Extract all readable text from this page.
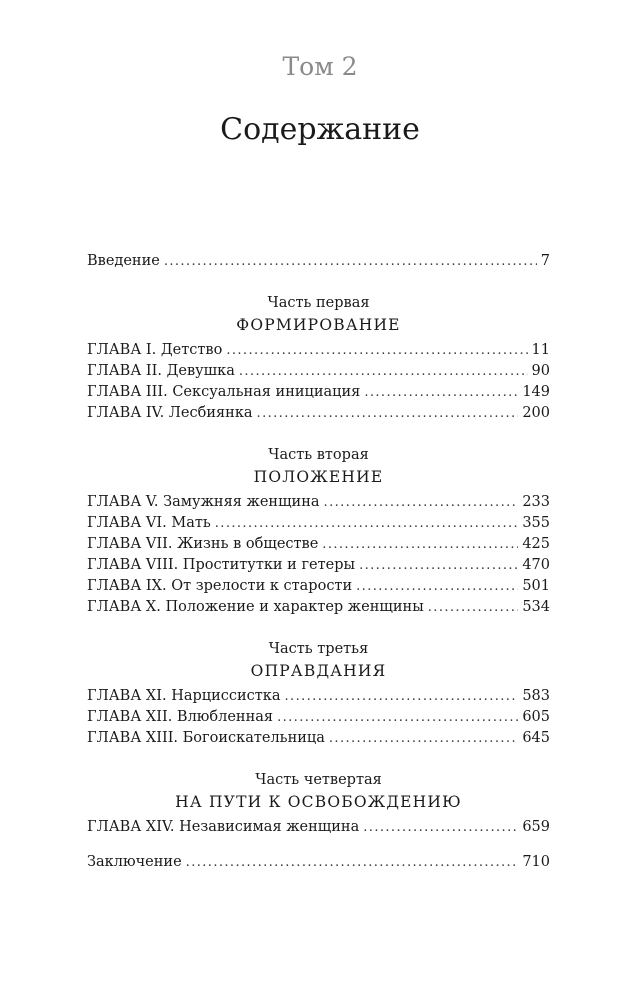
Том 2
Содержание
Введение .....	7
Часть первая
ФОРМИРОВАНИЕ
ГЛАВА I. Детство .....	11
ГЛАВА II. Девушка .....	90
ГЛАВА III. Сексуальная инициация .....	149
ГЛАВА IV. Лесбиянка .....	200
Часть вторая
ПОЛОЖЕНИЕ
ГЛАВА V. Замужняя женщина .....	233
ГЛАВА VI. Мать .....	355
ГЛАВА VII. Жизнь в обществе .....	425
ГЛАВА VIII. Проститутки и гетеры .....	470
ГЛАВА IX. От зрелости к старости .....	501
ГЛАВА X. Положение и характер женщины .....	534
Часть третья
ОПРАВДАНИЯ
ГЛАВА XI. Нарциссистка .....	583
ГЛАВА XII. Влюбленная .....	605
ГЛАВА XIII. Богоискательница .....	645
Часть четвертая
НА ПУТИ К ОСВОБОЖДЕНИЮ
ГЛАВА XIV. Независимая женщина .....	659
Заключение .....	710
